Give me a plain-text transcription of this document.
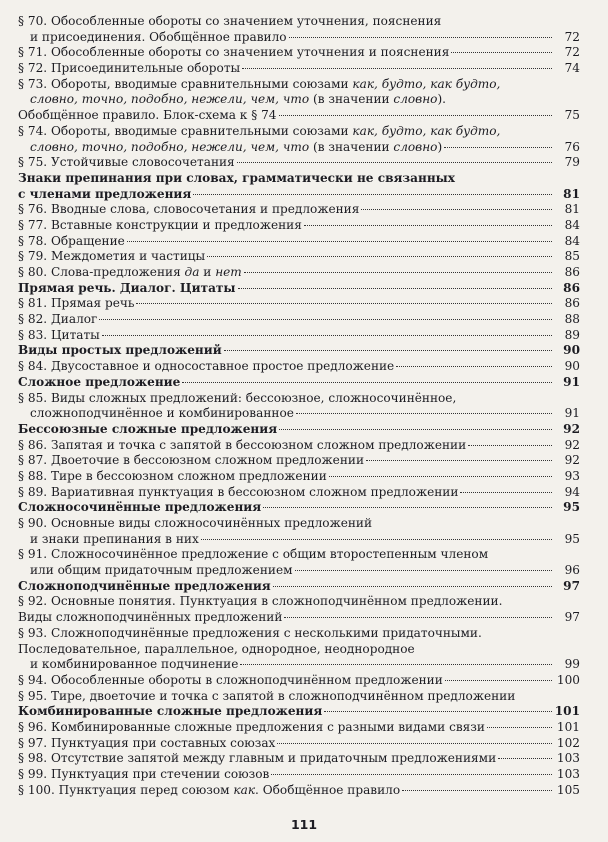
§ 70. Обособленные обороты со значением уточнения, пояснения
и присоединения. Обобщённое правило	72
§ 71. Обособленные обороты со значением уточнения и пояснения	72
§ 72. Присоединительные обороты	74
§ 73. Обороты, вводимые сравнительными союзами как, будто, как будто,
словно, точно, подобно, нежели, чем, что (в значении словно).
Обобщённое правило. Блок-схема к § 74	75
§ 74. Обороты, вводимые сравнительными союзами как, будто, как будто,
словно, точно, подобно, нежели, чем, что (в значении словно)	76
§ 75. Устойчивые словосочетания	79
Знаки препинания при словах, грамматически не связанных
с членами предложения	81
§ 76. Вводные слова, словосочетания и предложения	81
§ 77. Вставные конструкции и предложения	84
§ 78. Обращение	84
§ 79. Междометия и частицы	85
§ 80. Слова-предложения да и нет	86
Прямая речь. Диалог. Цитаты	86
§ 81. Прямая речь	86
§ 82. Диалог	88
§ 83. Цитаты	89
Виды простых предложений	90
§ 84. Двусоставное и односоставное простое предложение	90
Сложное предложение	91
§ 85. Виды сложных предложений: бессоюзное, сложносочинённое,
сложноподчинённое и комбинированное	91
Бессоюзные сложные предложения	92
§ 86. Запятая и точка с запятой в бессоюзном сложном предложении	92
§ 87. Двоеточие в бессоюзном сложном предложении	92
§ 88. Тире в бессоюзном сложном предложении	93
§ 89. Вариативная пунктуация в бессоюзном сложном предложении	94
Сложносочинённые предложения	95
§ 90. Основные виды сложносочинённых предложений
и знаки препинания в них	95
§ 91. Сложносочинённое предложение с общим второстепенным членом
или общим придаточным предложением	96
Сложноподчинённые предложения	97
§ 92. Основные понятия. Пунктуация в сложноподчинённом предложении.
Виды сложноподчинённых предложений	97
§ 93. Сложноподчинённые предложения с несколькими придаточными.
Последовательное, параллельное, однородное, неоднородное
и комбинированное подчинение	99
§ 94. Обособленные обороты в сложноподчинённом предложении	100
§ 95. Тире, двоеточие и точка с запятой в сложноподчинённом предложении
Комбинированные сложные предложения	101
§ 96. Комбинированные сложные предложения с разными видами связи	101
§ 97. Пунктуация при составных союзах	102
§ 98. Отсутствие запятой между главным и придаточным предложениями	103
§ 99. Пунктуация при стечении союзов	103
§ 100. Пунктуация перед союзом как. Обобщённое правило	105
111
